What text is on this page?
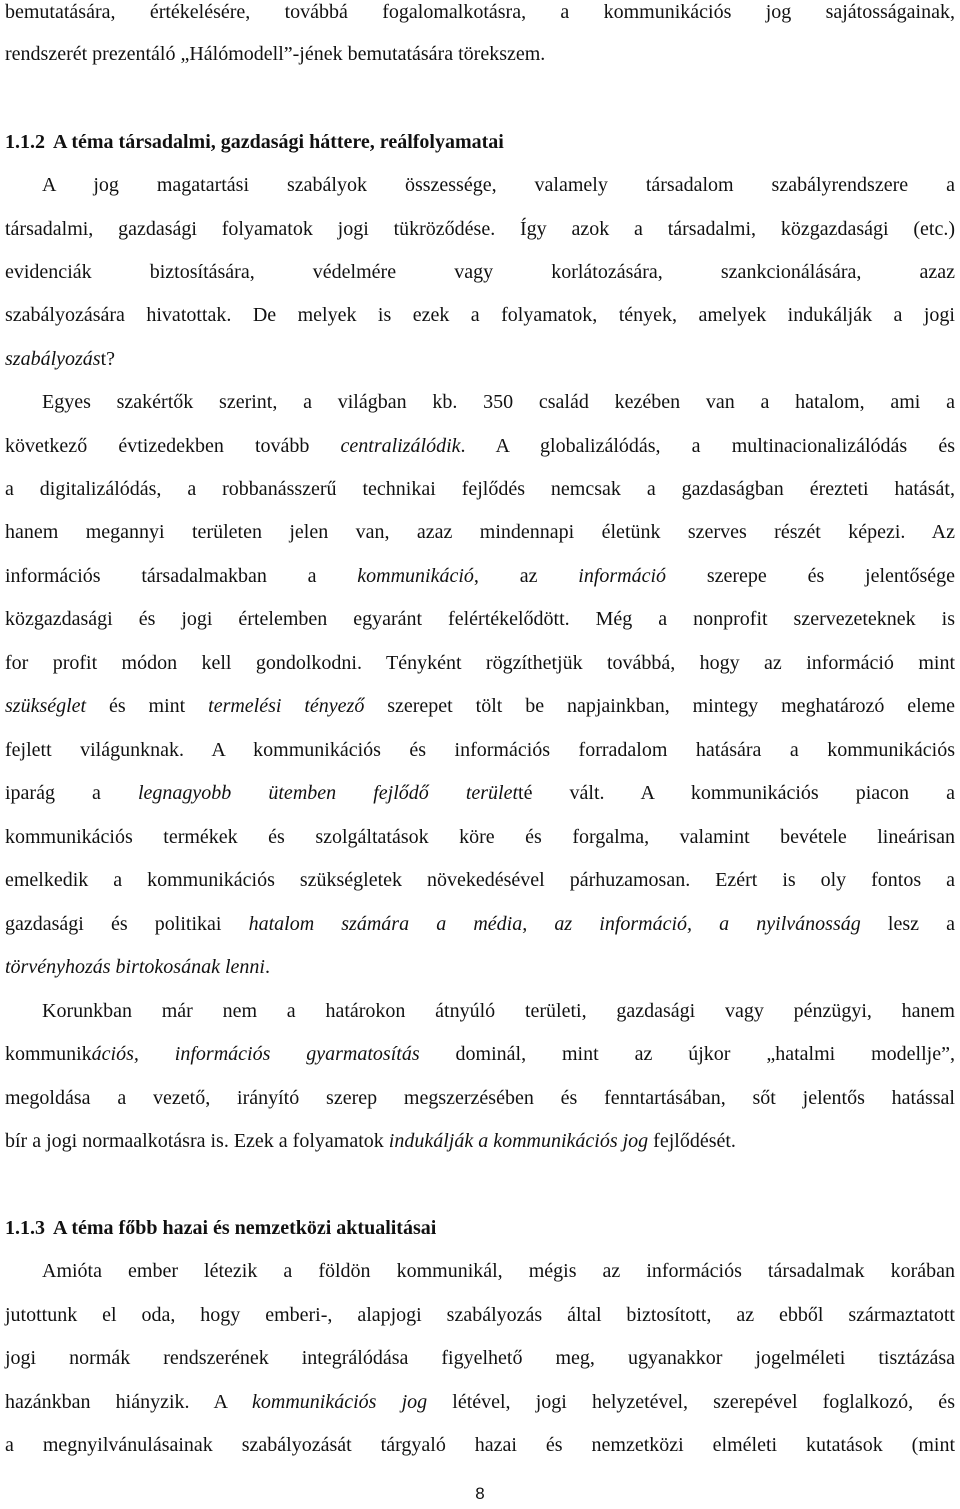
bemutatására, értékelésére, továbbá fogalomalkotásra, a kommunikációs jog sajátosságainak,
rendszerét prezentáló „Hálómodell”-jének bemutatására törekszem.
1.1.2 A téma társadalmi, gazdasági háttere, reálfolyamatai
A jog magatartási szabályok összessége, valamely társadalom szabályrendszere a
társadalmi, gazdasági folyamatok jogi tükröződése. Így azok a társadalmi, közgazdasági (etc.)
evidenciák biztosítására, védelmére vagy korlátozására, szankcionálására, azaz
szabályozására hivatottak. De melyek is ezek a folyamatok, tények, amelyek indukálják a jogi
szabályozást?
Egyes szakértők szerint, a világban kb. 350 család kezében van a hatalom, ami a
következő évtizedekben tovább centralizálódik. A globalizálódás, a multinacionalizálódás és
a digitalizálódás, a robbanásszerű technikai fejlődés nemcsak a gazdaságban érezteti hatását,
hanem megannyi területen jelen van, azaz mindennapi életünk szerves részét képezi. Az
információs társadalmakban a kommunikáció, az információ szerepe és jelentősége
közgazdasági és jogi értelemben egyaránt felértékelődött. Még a nonprofit szervezeteknek is
for profit módon kell gondolkodni. Tényként rögzíthetjük továbbá, hogy az információ mint
szükséglet és mint termelési tényező szerepet tölt be napjainkban, mintegy meghatározó eleme
fejlett világunknak. A kommunikációs és információs forradalom hatására a kommunikációs
iparág a legnagyobb ütemben fejlődő területté vált. A kommunikációs piacon a
kommunikációs termékek és szolgáltatások köre és forgalma, valamint bevétele lineárisan
emelkedik a kommunikációs szükségletek növekedésével párhuzamosan. Ezért is oly fontos a
gazdasági és politikai hatalom számára a média, az információ, a nyilvánosság lesz a
törvényhozás birtokosának lenni.
Korunkban már nem a határokon átnyúló területi, gazdasági vagy pénzügyi, hanem
kommunikációs, információs gyarmatosítás dominál, mint az újkor „hatalmi modellje”,
megoldása a vezető, irányító szerep megszerzésében és fenntartásában, sőt jelentős hatással
bír a jogi normaalkotásra is. Ezek a folyamatok indukálják a kommunikációs jog fejlődését.
1.1.3 A téma főbb hazai és nemzetközi aktualitásai
Amióta ember létezik a földön kommunikál, mégis az információs társadalmak korában
jutottunk el oda, hogy emberi-, alapjogi szabályozás által biztosított, az ebből származtatott
jogi normák rendszerének integrálódása figyelhető meg, ugyanakkor jogelméleti tisztázása
hazánkban hiányzik. A kommunikációs jog létével, jogi helyzetével, szerepével foglalkozó, és
a megnyilvánulásainak szabályozását tárgyaló hazai és nemzetközi elméleti kutatások (mint
8
